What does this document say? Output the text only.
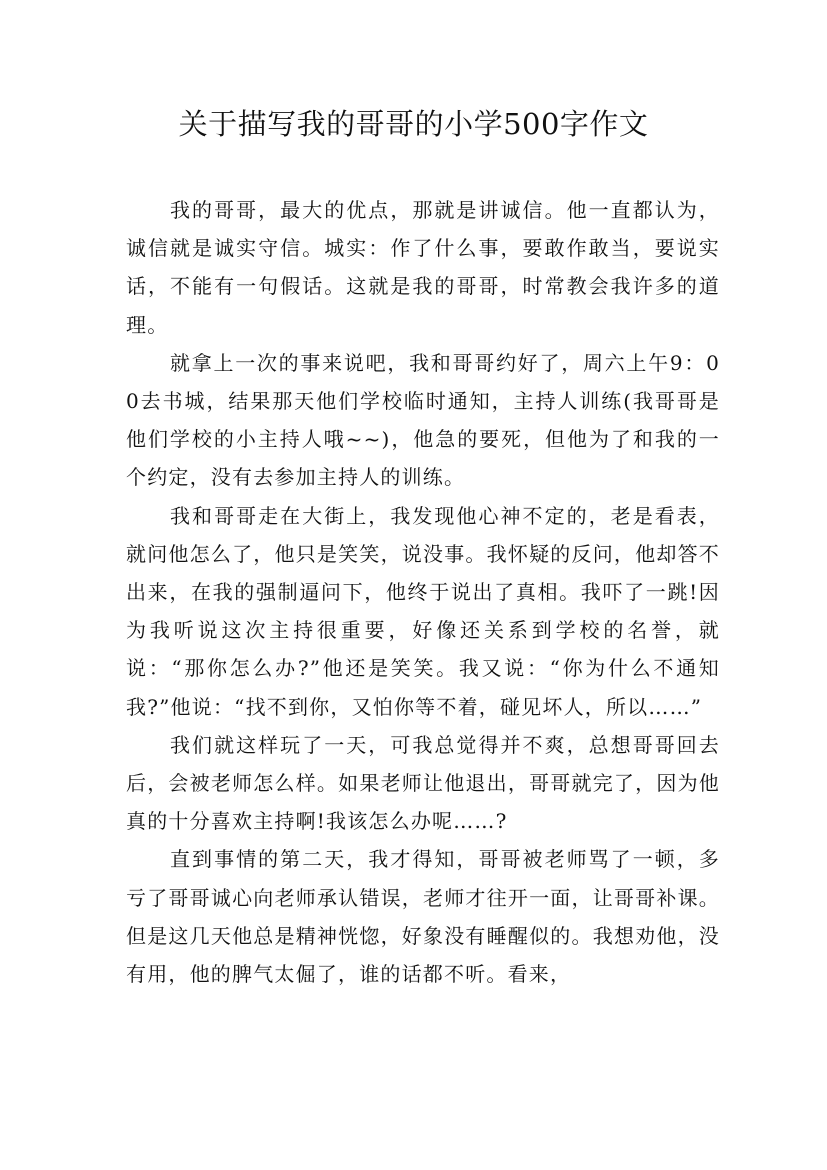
关于描写我的哥哥的小学500字作文

我的哥哥，最大的优点，那就是讲诚信。他一直都认为，诚信就是诚实守信。城实：作了什么事，要敢作敢当，要说实话，不能有一句假话。这就是我的哥哥，时常教会我许多的道理。

就拿上一次的事来说吧，我和哥哥约好了，周六上午9：00去书城，结果那天他们学校临时通知，主持人训练(我哥哥是他们学校的小主持人哦~~)，他急的要死，但他为了和我的一个约定，没有去参加主持人的训练。

我和哥哥走在大街上，我发现他心神不定的，老是看表，就问他怎么了，他只是笑笑，说没事。我怀疑的反问，他却答不出来，在我的强制逼问下，他终于说出了真相。我吓了一跳!因为我听说这次主持很重要，好像还关系到学校的名誉，就说：“那你怎么办?”他还是笑笑。我又说：“你为什么不通知我?”他说：“找不到你，又怕你等不着，碰见坏人，所以……”

我们就这样玩了一天，可我总觉得并不爽，总想哥哥回去后，会被老师怎么样。如果老师让他退出，哥哥就完了，因为他真的十分喜欢主持啊!我该怎么办呢……?

直到事情的第二天，我才得知，哥哥被老师骂了一顿，多亏了哥哥诚心向老师承认错误，老师才往开一面，让哥哥补课。但是这几天他总是精神恍惚，好象没有睡醒似的。我想劝他，没有用，他的脾气太倔了，谁的话都不听。看来，
